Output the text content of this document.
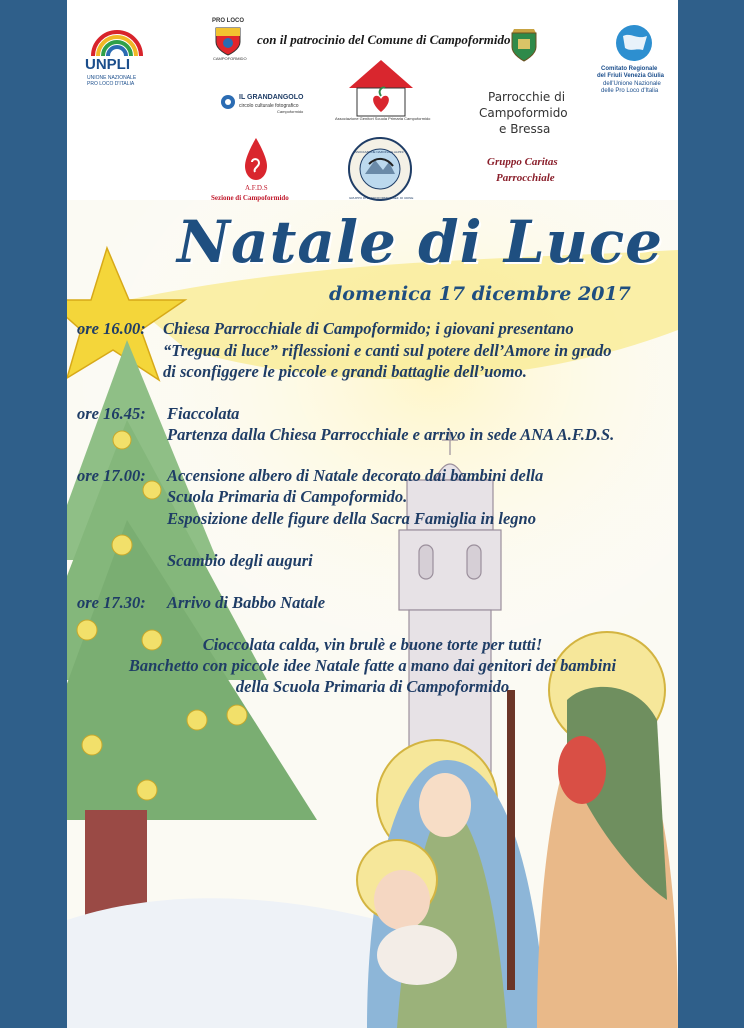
UNPLI
UNIONE NAZIONALE
PRO LOCO D'ITALIA
PRO LOCO
CAMPOFORMIDO
con il patrocinio del Comune di Campoformido
Comitato Regionale
del Friuli Venezia Giulia
dell'Unione Nazionale
delle Pro Loco d'Italia
IL GRANDANGOLO
circolo culturale fotografico
Campoformido
Associazione Genitori Scuola Primaria Campoformido
Parrocchie di
Campoformido
e Bressa
A.F.D.S
Sezione di Campoformido
ASSOCIAZIONE NAZIONALE ALPINI
GRUPPO DI CAMPOFORMIDO SEZ. DI UDINE
Gruppo Caritas
Parrocchiale
Natale di Luce
domenica 17 dicembre 2017
ore 16.00: Chiesa Parrocchiale di Campoformido; i giovani presentano
“Tregua di luce” riflessioni e canti sul potere dell’Amore in grado
di sconfiggere le piccole e grandi battaglie dell’uomo.
ore 16.45: Fiaccolata
Partenza dalla Chiesa Parrocchiale e arrivo in sede ANA A.F.D.S.
ore 17.00: Accensione albero di Natale decorato dai bambini della
Scuola Primaria di Campoformido.
Esposizione delle figure della Sacra Famiglia in legno
Scambio degli auguri
ore 17.30: Arrivo di Babbo Natale
Cioccolata calda, vin brulè e buone torte per tutti!
Banchetto con piccole idee Natale fatte a mano dai genitori dei bambini
della Scuola Primaria di Campoformido
